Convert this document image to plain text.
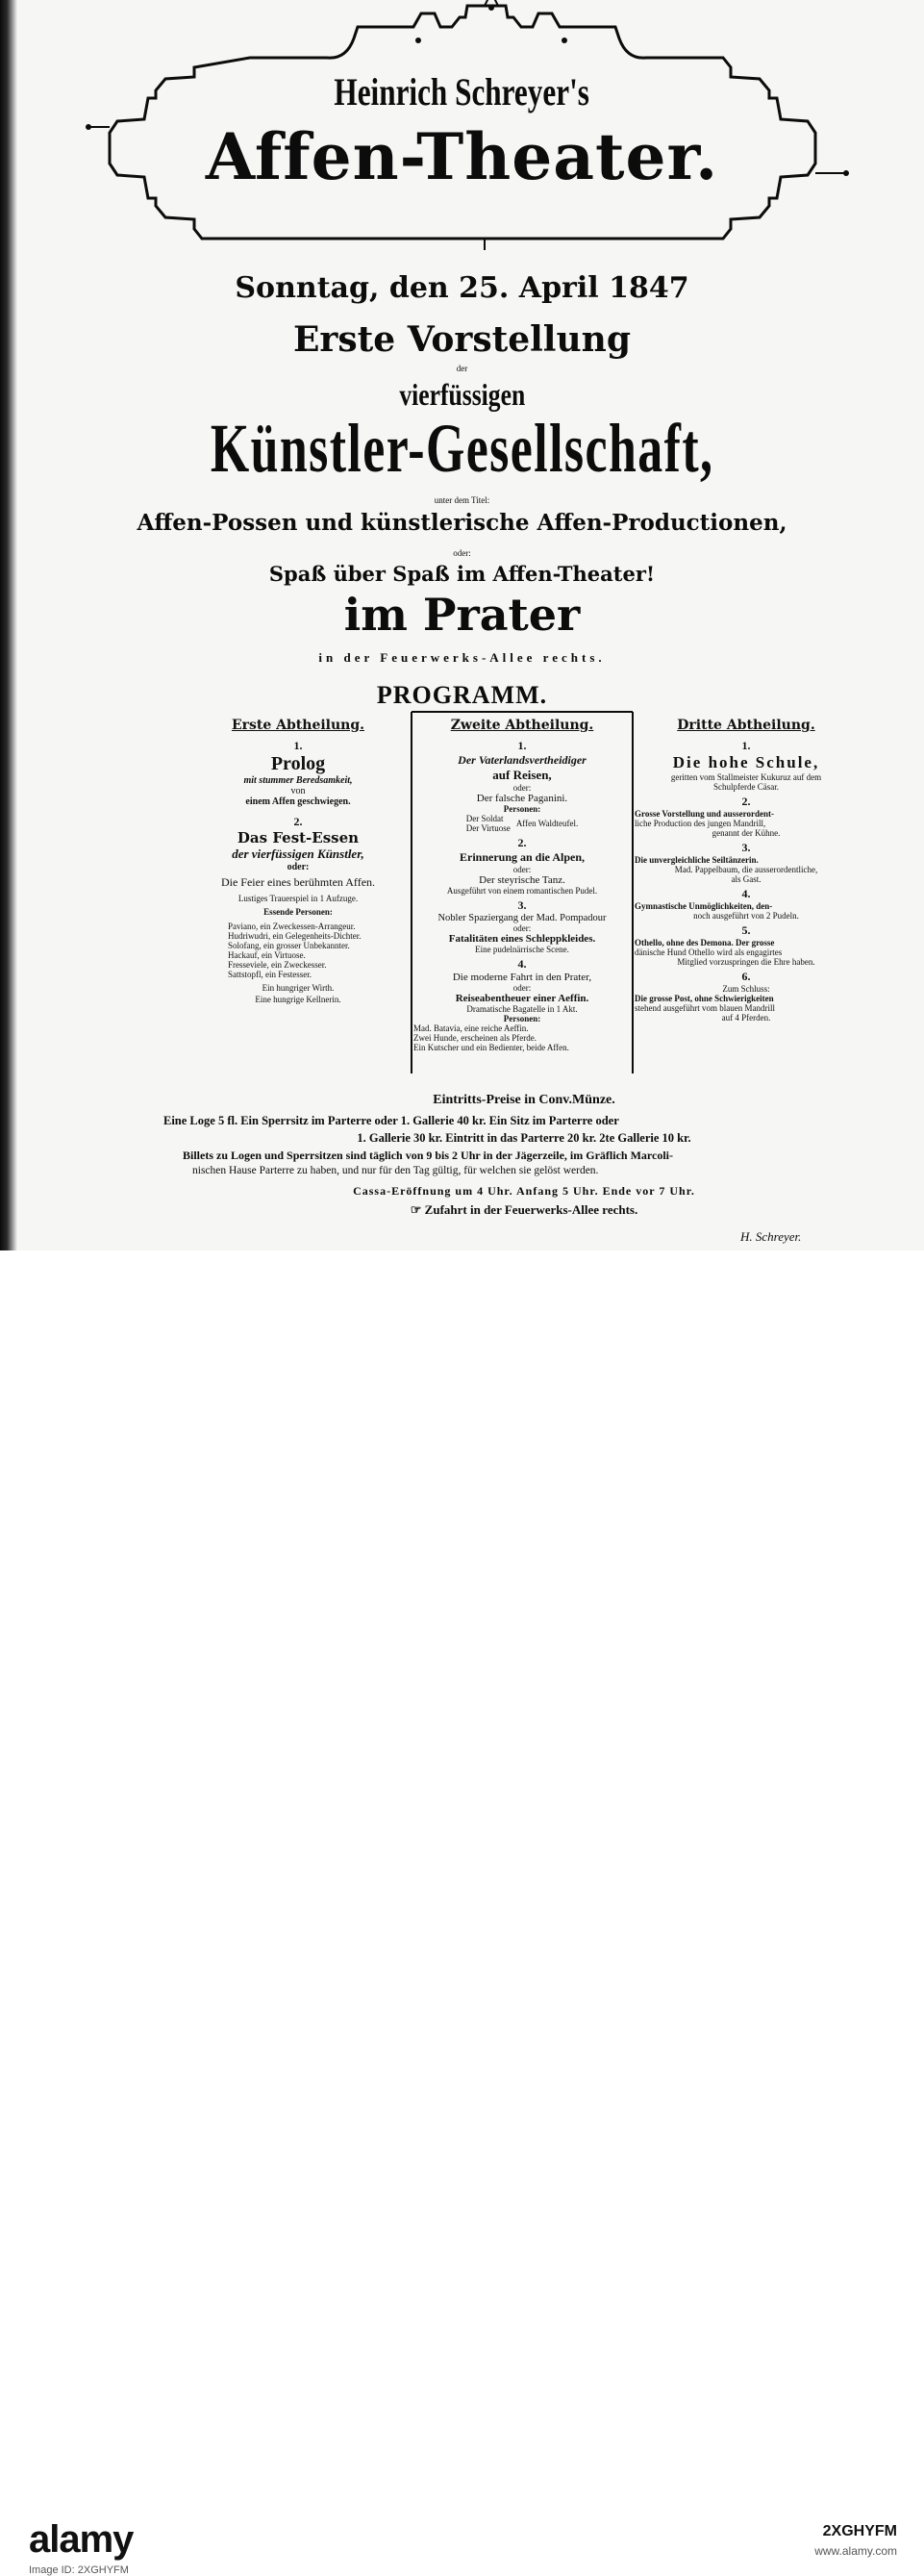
Heinrich Schreyer's
Affen-Theater.
Sonntag, den 25. April 1847
Erste Vorstellung
der
vierfüssigen
Künstler-Gesellschaft,
unter dem Titel:
Affen-Possen und künstlerische Affen-Productionen,
oder:
Spaß über Spaß im Affen-Theater!
im Prater
in der Feuerwerks-Allee rechts.
PROGRAMM.
Erste Abtheilung.
1.
Prolog
mit stummer Beredsamkeit,
von
einem Affen geschwiegen.
2.
Das Fest-Essen
der vierfüssigen Künstler,
oder:
Die Feier eines berühmten Affen.
Lustiges Trauerspiel in 1 Aufzuge.
Essende Personen:
Paviano, ein Zweckessen-Arrangeur.
Hudriwudri, ein Gelegenheits-Dichter.
Solofang, ein grosser Unbekannter.
Hackauf, ein Virtuose.
Fresseviele, ein Zweckesser.
Sattstopfl, ein Festesser.
Ein hungriger Wirth.
Eine hungrige Kellnerin.
Zweite Abtheilung.
1.
Der Vaterlandsvertheidiger
auf Reisen,
oder:
Der falsche Paganini.
Personen:
Der Soldat
Der Virtuose Affen Waldteufel.
2.
Erinnerung an die Alpen,
oder:
Der steyrische Tanz.
Ausgeführt von einem romantischen Pudel.
3.
Nobler Spaziergang der Mad. Pompadour
oder:
Fatalitäten eines Schleppkleides.
Eine pudelnärrische Scene.
4.
Die moderne Fahrt in den Prater,
oder:
Reiseabentheuer einer Aeffin.
Dramatische Bagatelle in 1 Akt.
Personen:
Mad. Batavia, eine reiche Aeffin.
Zwei Hunde, erscheinen als Pferde.
Ein Kutscher und ein Bedienter, beide Affen.
Dritte Abtheilung.
1.
Die hohe Schule,
geritten vom Stallmeister Kukuruz auf dem
Schulpferde Cäsar.
2.
Grosse Vorstellung und ausserordent-
liche Production des jungen Mandrill,
genannt der Kühne.
3.
Die unvergleichliche Seiltänzerin.
Mad. Pappelbaum, die ausserordentliche,
als Gast.
4.
Gymnastische Unmöglichkeiten, den-
noch ausgeführt von 2 Pudeln.
5.
Othello, ohne des Demona. Der grosse
dänische Hund Othello wird als engagirtes
Mitglied vorzuspringen die Ehre haben.
6.
Zum Schluss:
Die grosse Post, ohne Schwierigkeiten
stehend ausgeführt vom blauen Mandrill
auf 4 Pferden.
Eintritts-Preise in Conv.Münze.
Eine Loge 5 fl. Ein Sperrsitz im Parterre oder 1. Gallerie 40 kr. Ein Sitz im Parterre oder
1. Gallerie 30 kr. Eintritt in das Parterre 20 kr. 2te Gallerie 10 kr.
Billets zu Logen und Sperrsitzen sind täglich von 9 bis 2 Uhr in der Jägerzeile, im Gräflich Marcoli-
nischen Hause Parterre zu haben, und nur für den Tag gültig, für welchen sie gelöst werden.
Cassa-Eröffnung um 4 Uhr. Anfang 5 Uhr. Ende vor 7 Uhr.
☞ Zufahrt in der Feuerwerks-Allee rechts.
H. Schreyer.
alamy
Image ID: 2XGHYFM
2XGHYFM
www.alamy.com
